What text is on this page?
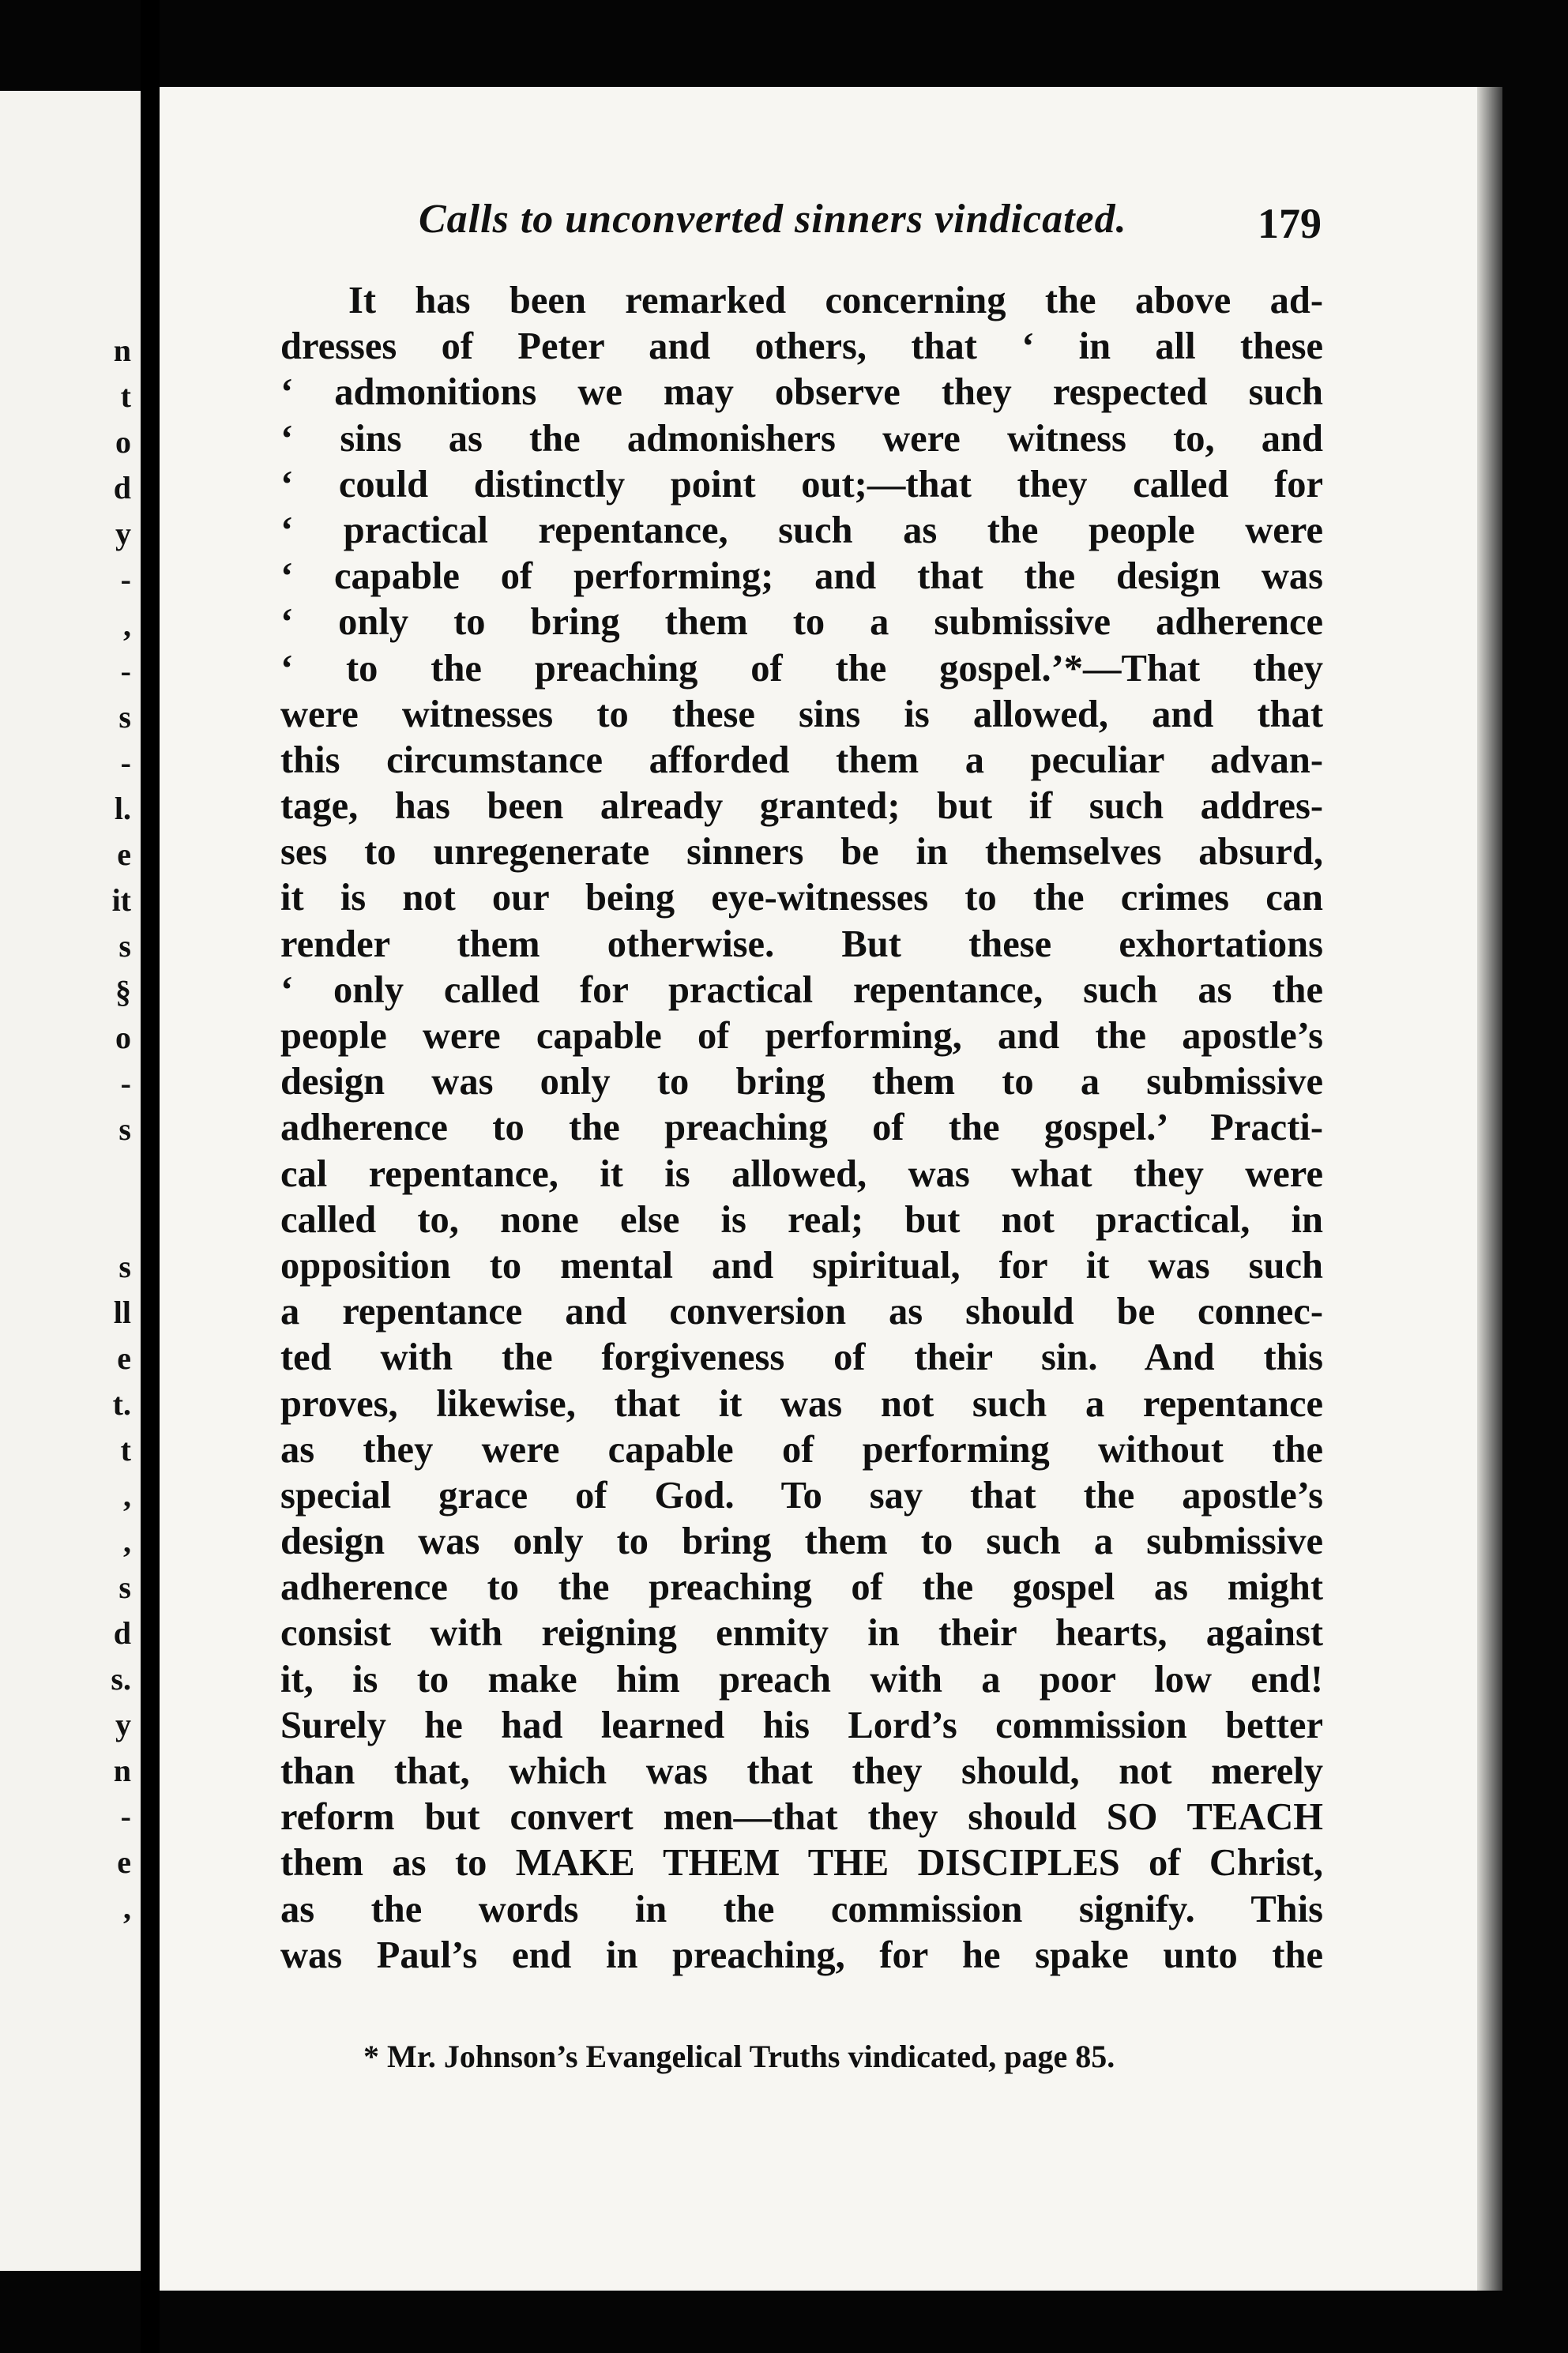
n
t
o
d
y
-
,
-
s
-
l.
e
it
s
§
o
-
s
s
ll
e
t.
t
,
,
s
d
s.
y
n
-
e
,
Calls to unconverted sinners vindicated.	179
It has been remarked concerning the above ad-
dresses of Peter and others, that ‘ in all these
‘ admonitions we may observe they respected such
‘ sins as the admonishers were witness to, and
‘ could distinctly point out;—that they called for
‘ practical repentance, such as the people were
‘ capable of performing; and that the design was
‘ only to bring them to a submissive adherence
‘ to the preaching of the gospel.’*—That they
were witnesses to these sins is allowed, and that
this circumstance afforded them a peculiar advan-
tage, has been already granted; but if such addres-
ses to unregenerate sinners be in themselves absurd,
it is not our being eye-witnesses to the crimes can
render them otherwise. But these exhortations
‘ only called for practical repentance, such as the
people were capable of performing, and the apostle’s
design was only to bring them to a submissive
adherence to the preaching of the gospel.’ Practi-
cal repentance, it is allowed, was what they were
called to, none else is real; but not practical, in
opposition to mental and spiritual, for it was such
a repentance and conversion as should be connec-
ted with the forgiveness of their sin. And this
proves, likewise, that it was not such a repentance
as they were capable of performing without the
special grace of God. To say that the apostle’s
design was only to bring them to such a submissive
adherence to the preaching of the gospel as might
consist with reigning enmity in their hearts, against
it, is to make him preach with a poor low end!
Surely he had learned his Lord’s commission better
than that, which was that they should, not merely
reform but convert men—that they should SO TEACH
them as to MAKE THEM THE DISCIPLES of Christ,
as the words in the commission signify. This
was Paul’s end in preaching, for he spake unto the
* Mr. Johnson’s Evangelical Truths vindicated, page 85.
